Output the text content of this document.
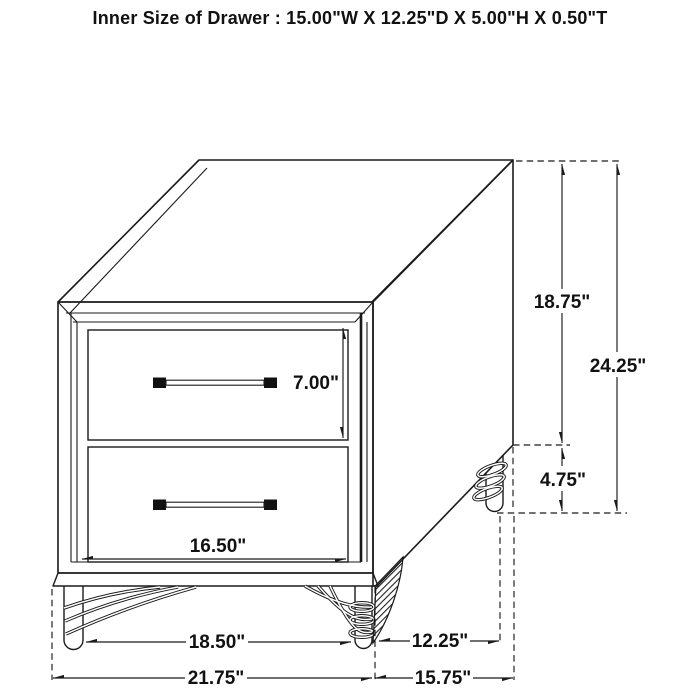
Inner Size of Drawer : 15.00"W X 12.25"D X 5.00"H X 0.50"T
18.75"
24.25"
4.75"
7.00"
16.50"
18.50"	12.25"
21.75"	15.75"
